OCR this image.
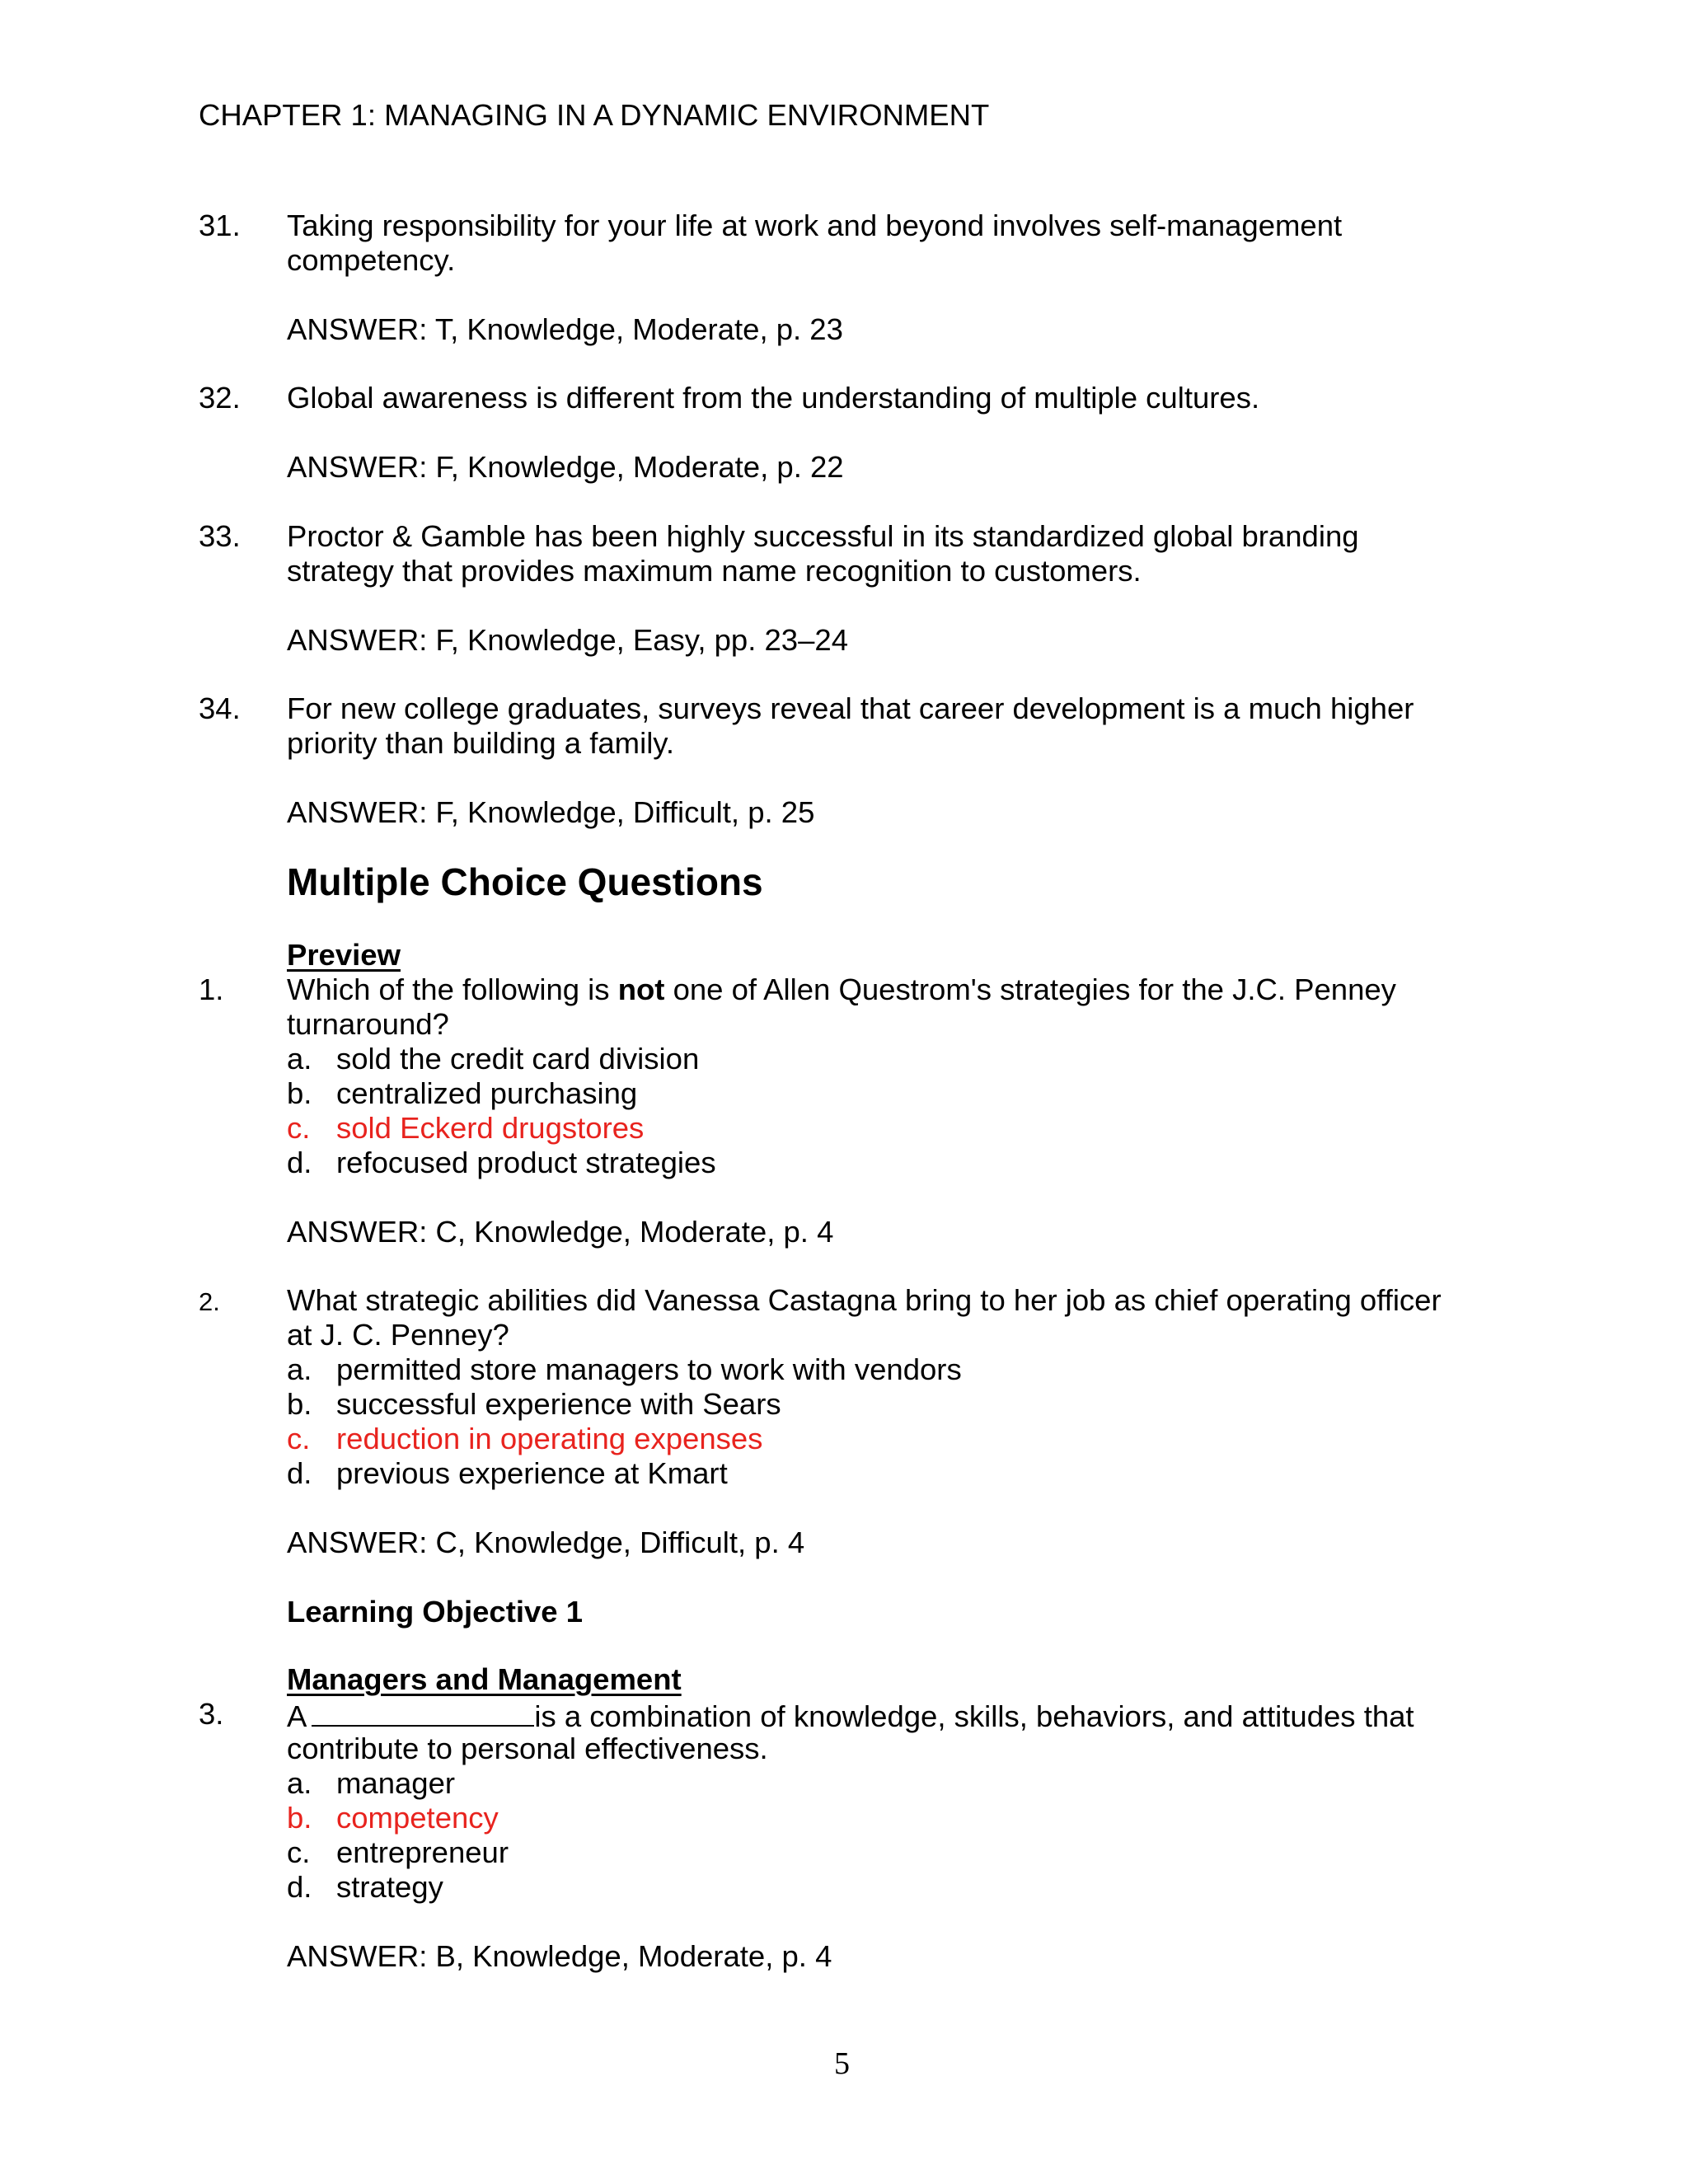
CHAPTER 1: MANAGING IN A DYNAMIC ENVIRONMENT
31. Taking responsibility for your life at work and beyond involves self-management
competency.
ANSWER: T, Knowledge, Moderate, p. 23
32. Global awareness is different from the understanding of multiple cultures.
ANSWER: F, Knowledge, Moderate, p. 22
33. Proctor & Gamble has been highly successful in its standardized global branding
strategy that provides maximum name recognition to customers.
ANSWER: F, Knowledge, Easy, pp. 23–24
34. For new college graduates, surveys reveal that career development is a much higher
priority than building a family.
ANSWER: F, Knowledge, Difficult, p. 25
Multiple Choice Questions
Preview
1. Which of the following is not one of Allen Questrom's strategies for the J.C. Penney
turnaround?
a. sold the credit card division
b. centralized purchasing
c. sold Eckerd drugstores
d. refocused product strategies
ANSWER: C, Knowledge, Moderate, p. 4
2. What strategic abilities did Vanessa Castagna bring to her job as chief operating officer
at J. C. Penney?
a. permitted store managers to work with vendors
b. successful experience with Sears
c. reduction in operating expenses
d. previous experience at Kmart
ANSWER: C, Knowledge, Difficult, p. 4
Learning Objective 1
Managers and Management
3. A	is a combination of knowledge, skills, behaviors, and attitudes that
contribute to personal effectiveness.
a. manager
b. competency
c. entrepreneur
d. strategy
ANSWER: B, Knowledge, Moderate, p. 4
5
